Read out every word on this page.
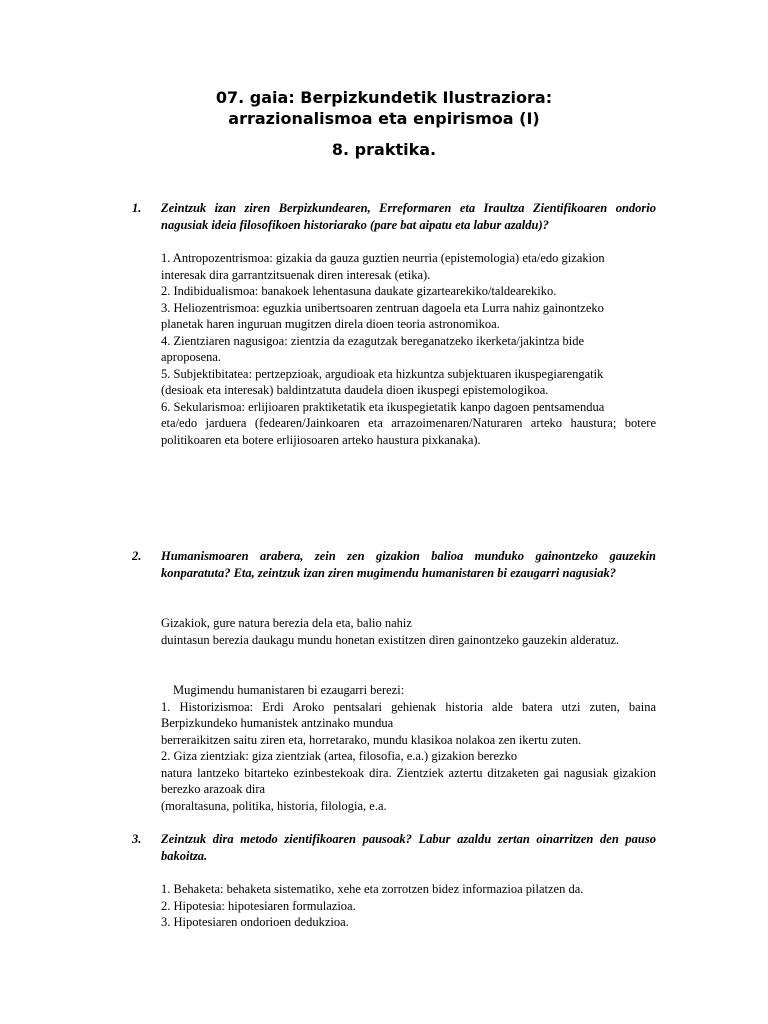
07. gaia: Berpizkundetik Ilustraziora:
arrazionalismoa eta enpirismoa (I)
8. praktika.
1. Zeintzuk izan ziren Berpizkundearen, Erreformaren eta Iraultza Zientifikoaren ondorio nagusiak ideia filosofikoen historiarako (pare bat aipatu eta labur azaldu)?

1. Antropozentrismoa: gizakia da gauza guztien neurria (epistemologia) eta/edo gizakion

interesak dira garrantzitsuenak diren interesak (etika).

2. Indibidualismoa: banakoek lehentasuna daukate gizartearekiko/taldearekiko.

3. Heliozentrismoa: eguzkia unibertsoaren zentruan dagoela eta Lurra nahiz gainontzeko

planetak haren inguruan mugitzen direla dioen teoria astronomikoa.

4. Zientziaren nagusigoa: zientzia da ezagutzak bereganatzeko ikerketa/jakintza bide

aproposena.

5. Subjektibitatea: pertzepzioak, argudioak eta hizkuntza subjektuaren ikuspegiarengatik

(desioak eta interesak) baldintzatuta daudela dioen ikuspegi epistemologikoa.

6. Sekularismoa: erlijioaren praktiketatik eta ikuspegietatik kanpo dagoen pentsamendua

eta/edo jarduera (fedearen/Jainkoaren eta arrazoimenaren/Naturaren arteko haustura; botere politikoaren eta botere erlijiosoaren arteko haustura pixkanaka).

2. Humanismoaren arabera, zein zen gizakion balioa munduko gainontzeko gauzekin konparatuta? Eta, zeintzuk izan ziren mugimendu humanistaren bi ezaugarri nagusiak?

Gizakiok, gure natura berezia dela eta, balio nahiz

duintasun berezia daukagu mundu honetan existitzen diren gainontzeko gauzekin alderatuz.

Mugimendu humanistaren bi ezaugarri berezi:

1. Historizismoa: Erdi Aroko pentsalari gehienak historia alde batera utzi zuten, baina Berpizkundeko humanistek antzinako mundua

berreraikitzen saitu ziren eta, horretarako, mundu klasikoa nolakoa zen ikertu zuten.

2. Giza zientziak: giza zientziak (artea, filosofia, e.a.) gizakion berezko

natura lantzeko bitarteko ezinbestekoak dira. Zientziek aztertu ditzaketen gai nagusiak gizakion berezko arazoak dira

(moraltasuna, politika, historia, filologia, e.a.

3. Zeintzuk dira metodo zientifikoaren pausoak? Labur azaldu zertan oinarritzen den pauso bakoitza.

1. Behaketa: behaketa sistematiko, xehe eta zorrotzen bidez informazioa pilatzen da.

2. Hipotesia: hipotesiaren formulazioa.

3. Hipotesiaren ondorioen dedukzioa.
